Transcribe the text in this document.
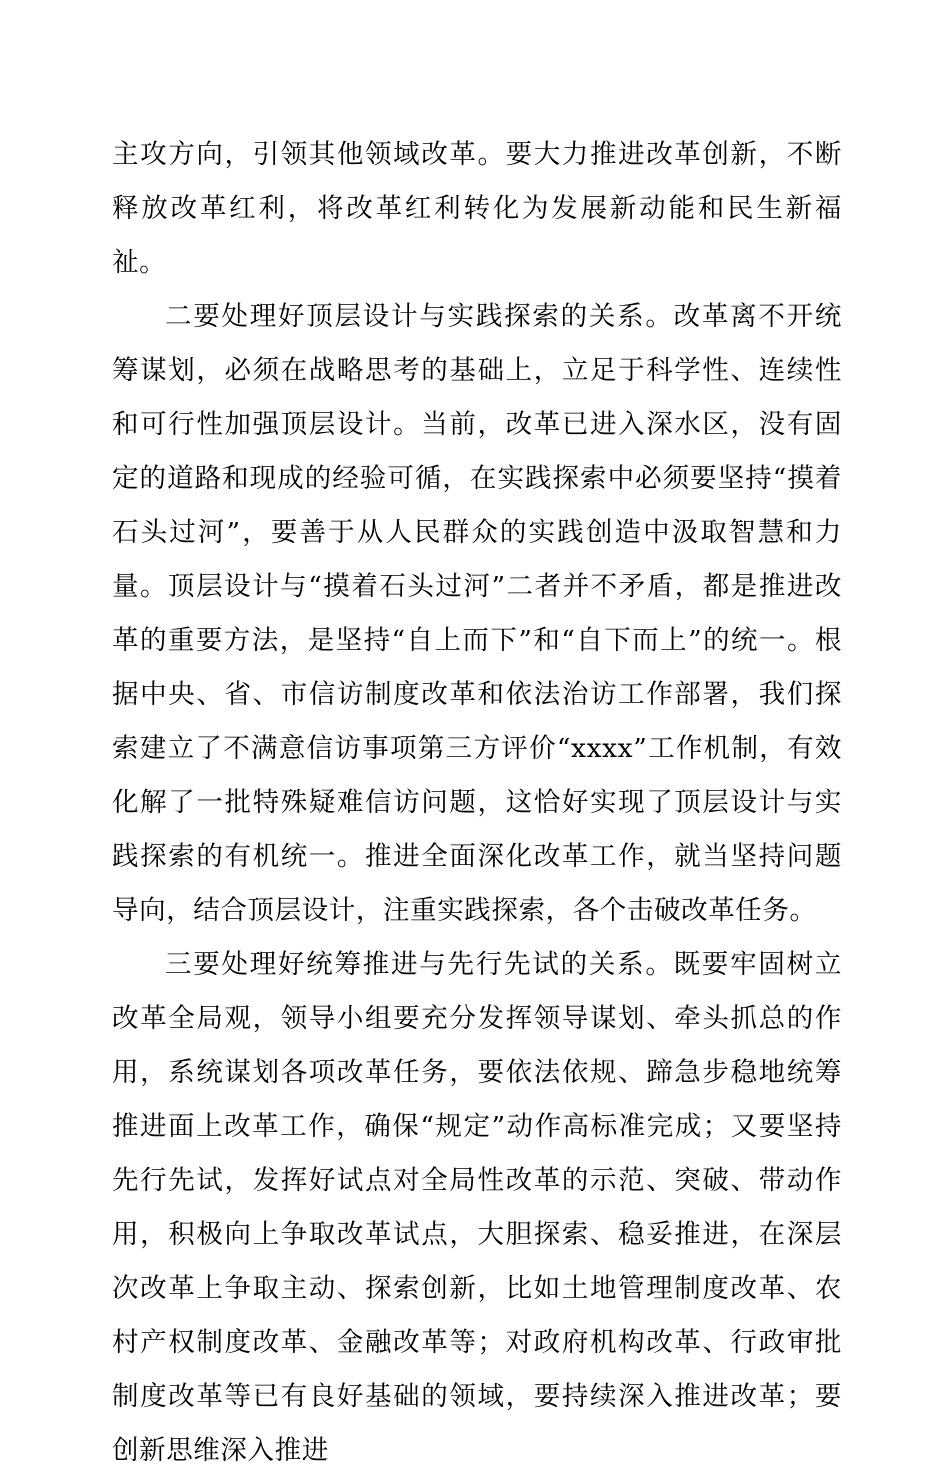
主攻方向，引领其他领域改革。要大力推进改革创新，不断释放改革红利，将改革红利转化为发展新动能和民生新福祉。

二要处理好顶层设计与实践探索的关系。改革离不开统筹谋划，必须在战略思考的基础上，立足于科学性、连续性和可行性加强顶层设计。当前，改革已进入深水区，没有固定的道路和现成的经验可循，在实践探索中必须要坚持“摸着石头过河”，要善于从人民群众的实践创造中汲取智慧和力量。顶层设计与“摸着石头过河”二者并不矛盾，都是推进改革的重要方法，是坚持“自上而下”和“自下而上”的统一。根据中央、省、市信访制度改革和依法治访工作部署，我们探索建立了不满意信访事项第三方评价“xxxx”工作机制，有效化解了一批特殊疑难信访问题，这恰好实现了顶层设计与实践探索的有机统一。推进全面深化改革工作，就当坚持问题导向，结合顶层设计，注重实践探索，各个击破改革任务。

三要处理好统筹推进与先行先试的关系。既要牢固树立改革全局观，领导小组要充分发挥领导谋划、牵头抓总的作用，系统谋划各项改革任务，要依法依规、蹄急步稳地统筹推进面上改革工作，确保“规定”动作高标准完成；又要坚持先行先试，发挥好试点对全局性改革的示范、突破、带动作用，积极向上争取改革试点，大胆探索、稳妥推进，在深层次改革上争取主动、探索创新，比如土地管理制度改革、农村产权制度改革、金融改革等；对政府机构改革、行政审批制度改革等已有良好基础的领域，要持续深入推进改革；要创新思维深入推进
